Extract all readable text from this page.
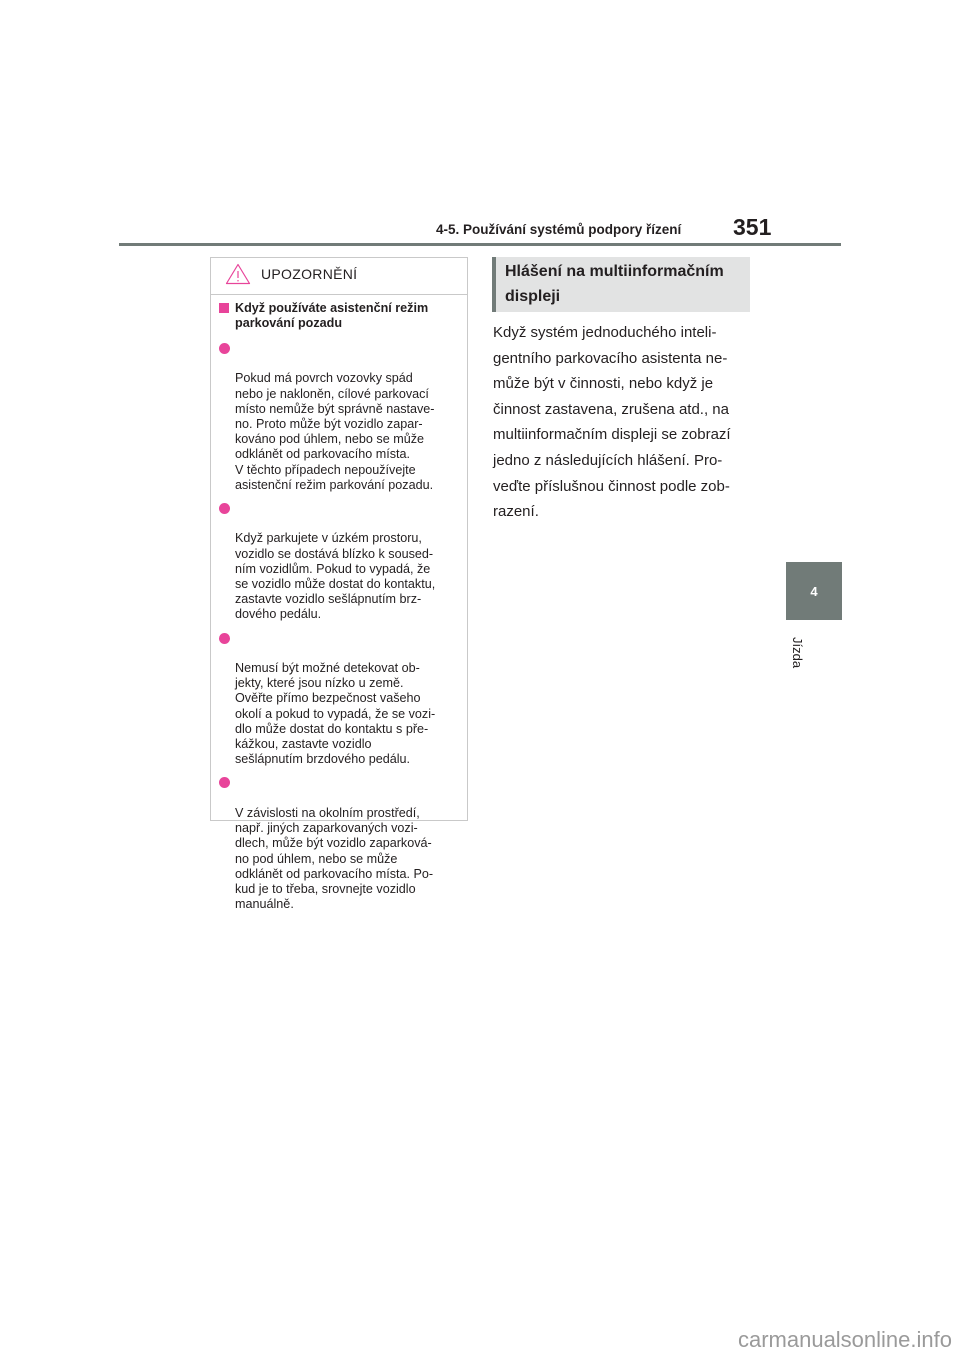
4-5. Používání systémů podpory řízení 351
4
Jízda
UPOZORNĚNÍ
Když používáte asistenční režim
parkování pozadu

Pokud má povrch vozovky spád
nebo je nakloněn, cílové parkovací
místo nemůže být správně nastave-
no. Proto může být vozidlo zapar-
kováno pod úhlem, nebo se může
odklánět od parkovacího místa.
V těchto případech nepoužívejte
asistenční režim parkování pozadu.

Když parkujete v úzkém prostoru,
vozidlo se dostává blízko k soused-
ním vozidlům. Pokud to vypadá, že
se vozidlo může dostat do kontaktu,
zastavte vozidlo sešlápnutím brz-
dového pedálu.

Nemusí být možné detekovat ob-
jekty, které jsou nízko u země.
Ověřte přímo bezpečnost vašeho
okolí a pokud to vypadá, že se vozi-
dlo může dostat do kontaktu s pře-
kážkou, zastavte vozidlo
sešlápnutím brzdového pedálu.

V závislosti na okolním prostředí,
např. jiných zaparkovaných vozi-
dlech, může být vozidlo zaparková-
no pod úhlem, nebo se může
odklánět od parkovacího místa. Po-
kud je to třeba, srovnejte vozidlo
manuálně.

Hlášení na multiinformačním
displeji
Když systém jednoduchého inteli-
gentního parkovacího asistenta ne-
může být v činnosti, nebo když je
činnost zastavena, zrušena atd., na
multiinformačním displeji se zobrazí
jedno z následujících hlášení. Pro-
veďte příslušnou činnost podle zob-
razení.
carmanualsonline.info
